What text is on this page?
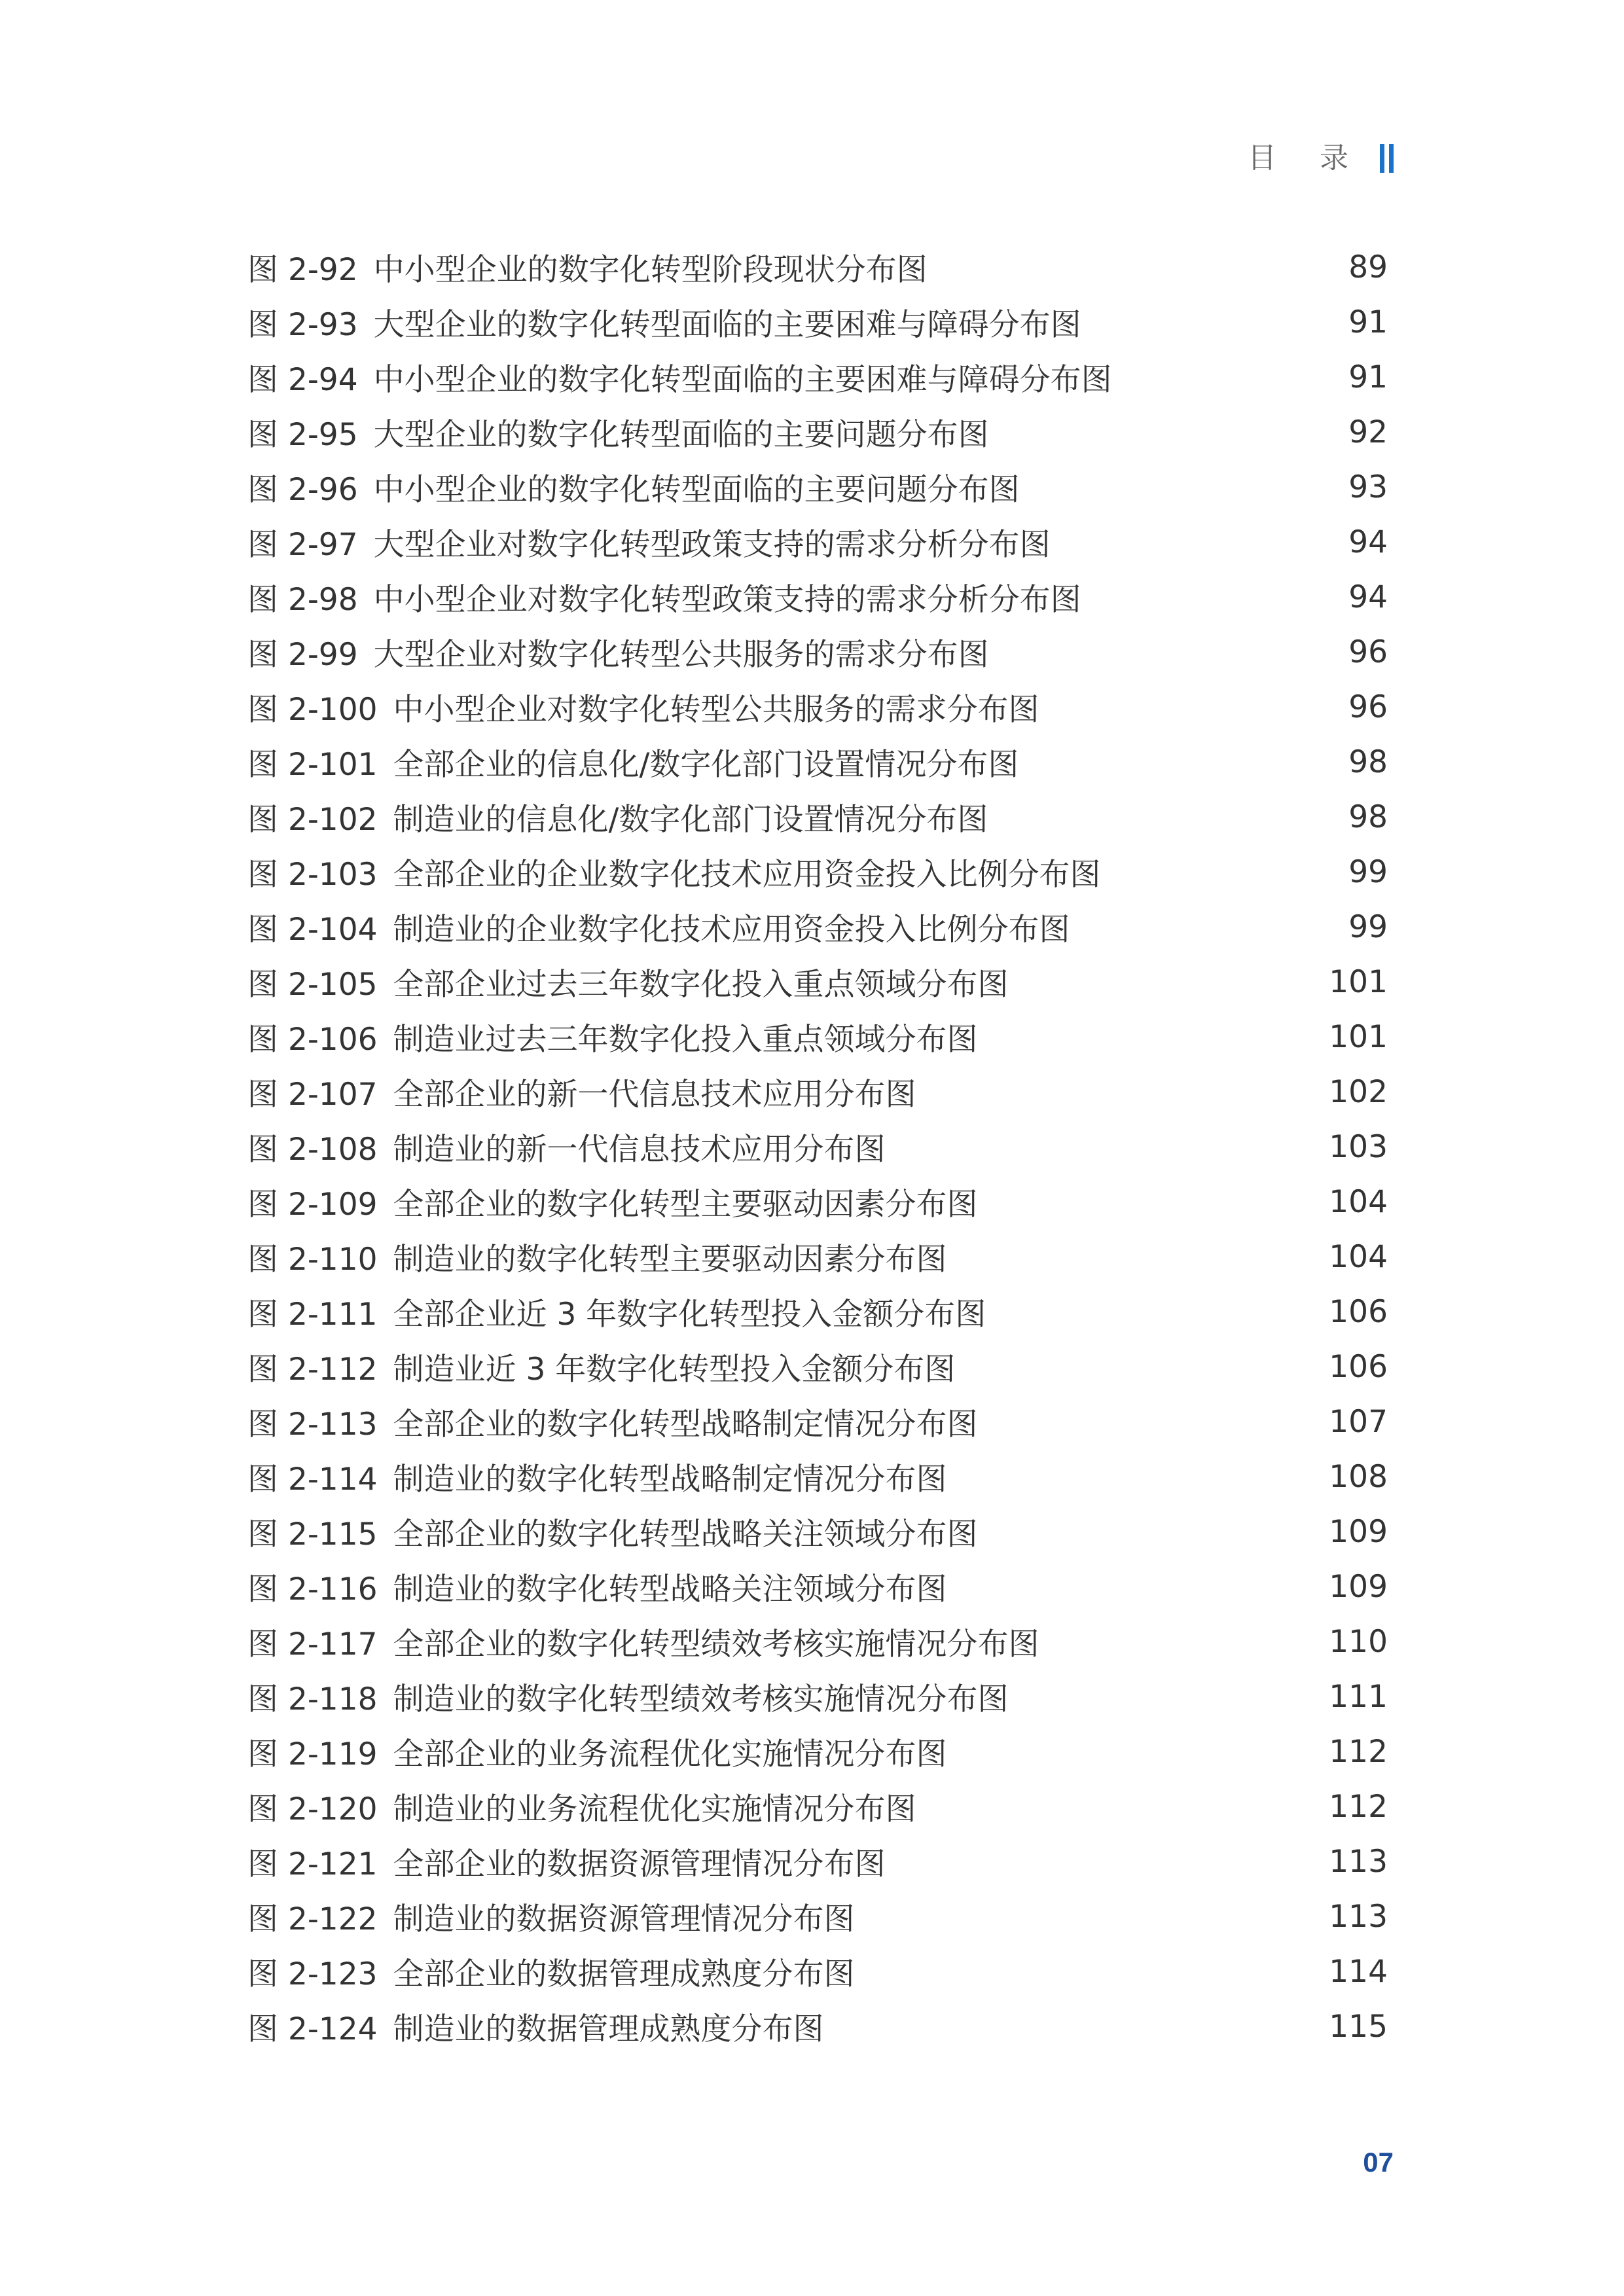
目 录
图 2-92 中小型企业的数字化转型阶段现状分布图	89
图 2-93 大型企业的数字化转型面临的主要困难与障碍分布图	91
图 2-94 中小型企业的数字化转型面临的主要困难与障碍分布图	91
图 2-95 大型企业的数字化转型面临的主要问题分布图	92
图 2-96 中小型企业的数字化转型面临的主要问题分布图	93
图 2-97 大型企业对数字化转型政策支持的需求分析分布图	94
图 2-98 中小型企业对数字化转型政策支持的需求分析分布图	94
图 2-99 大型企业对数字化转型公共服务的需求分布图	96
图 2-100 中小型企业对数字化转型公共服务的需求分布图	96
图 2-101 全部企业的信息化/数字化部门设置情况分布图	98
图 2-102 制造业的信息化/数字化部门设置情况分布图	98
图 2-103 全部企业的企业数字化技术应用资金投入比例分布图	99
图 2-104 制造业的企业数字化技术应用资金投入比例分布图	99
图 2-105 全部企业过去三年数字化投入重点领域分布图	101
图 2-106 制造业过去三年数字化投入重点领域分布图	101
图 2-107 全部企业的新一代信息技术应用分布图	102
图 2-108 制造业的新一代信息技术应用分布图	103
图 2-109 全部企业的数字化转型主要驱动因素分布图	104
图 2-110 制造业的数字化转型主要驱动因素分布图	104
图 2-111 全部企业近 3 年数字化转型投入金额分布图	106
图 2-112 制造业近 3 年数字化转型投入金额分布图	106
图 2-113 全部企业的数字化转型战略制定情况分布图	107
图 2-114 制造业的数字化转型战略制定情况分布图	108
图 2-115 全部企业的数字化转型战略关注领域分布图	109
图 2-116 制造业的数字化转型战略关注领域分布图	109
图 2-117 全部企业的数字化转型绩效考核实施情况分布图	110
图 2-118 制造业的数字化转型绩效考核实施情况分布图	111
图 2-119 全部企业的业务流程优化实施情况分布图	112
图 2-120 制造业的业务流程优化实施情况分布图	112
图 2-121 全部企业的数据资源管理情况分布图	113
图 2-122 制造业的数据资源管理情况分布图	113
图 2-123 全部企业的数据管理成熟度分布图	114
图 2-124 制造业的数据管理成熟度分布图	115
07
